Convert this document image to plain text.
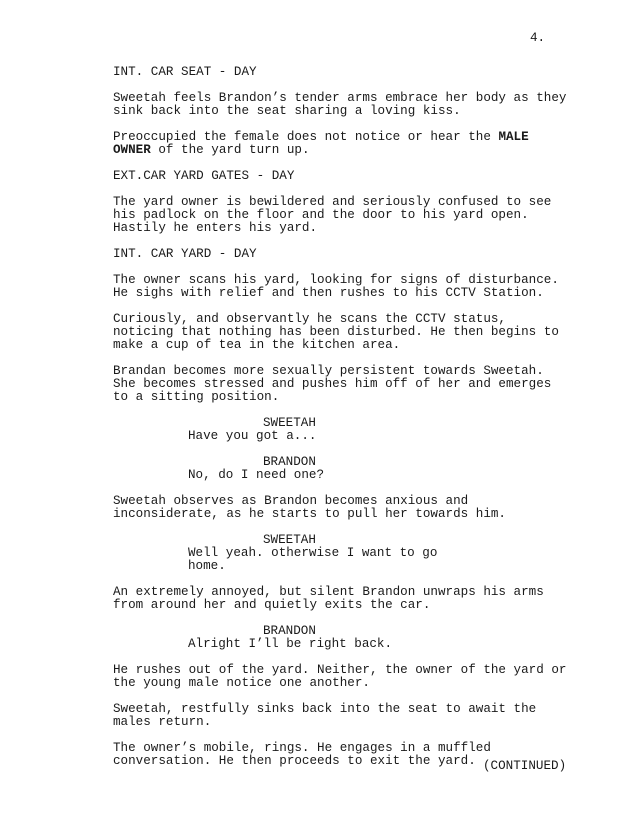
4.

INT. CAR SEAT - DAY

Sweetah feels Brandon’s tender arms embrace her body as they
sink back into the seat sharing a loving kiss.

Preoccupied the female does not notice or hear the MALE
OWNER of the yard turn up.

EXT.CAR YARD GATES - DAY

The yard owner is bewildered and seriously confused to see
his padlock on the floor and the door to his yard open.
Hastily he enters his yard.

INT. CAR YARD - DAY

The owner scans his yard, looking for signs of disturbance.
He sighs with relief and then rushes to his CCTV Station.

Curiously, and observantly he scans the CCTV status,
noticing that nothing has been disturbed. He then begins to
make a cup of tea in the kitchen area.

Brandan becomes more sexually persistent towards Sweetah.
She becomes stressed and pushes him off of her and emerges
to a sitting position.

SWEETAH
Have you got a...
BRANDON
No, do I need one?

Sweetah observes as Brandon becomes anxious and
inconsiderate, as he starts to pull her towards him.

SWEETAH
Well yeah. otherwise I want to go
home.

An extremely annoyed, but silent Brandon unwraps his arms
from around her and quietly exits the car.

BRANDON
Alright I’ll be right back.

He rushes out of the yard. Neither, the owner of the yard or
the young male notice one another.

Sweetah, restfully sinks back into the seat to await the
males return.

The owner’s mobile, rings. He engages in a muffled
conversation. He then proceeds to exit the yard. (CONTINUED)
